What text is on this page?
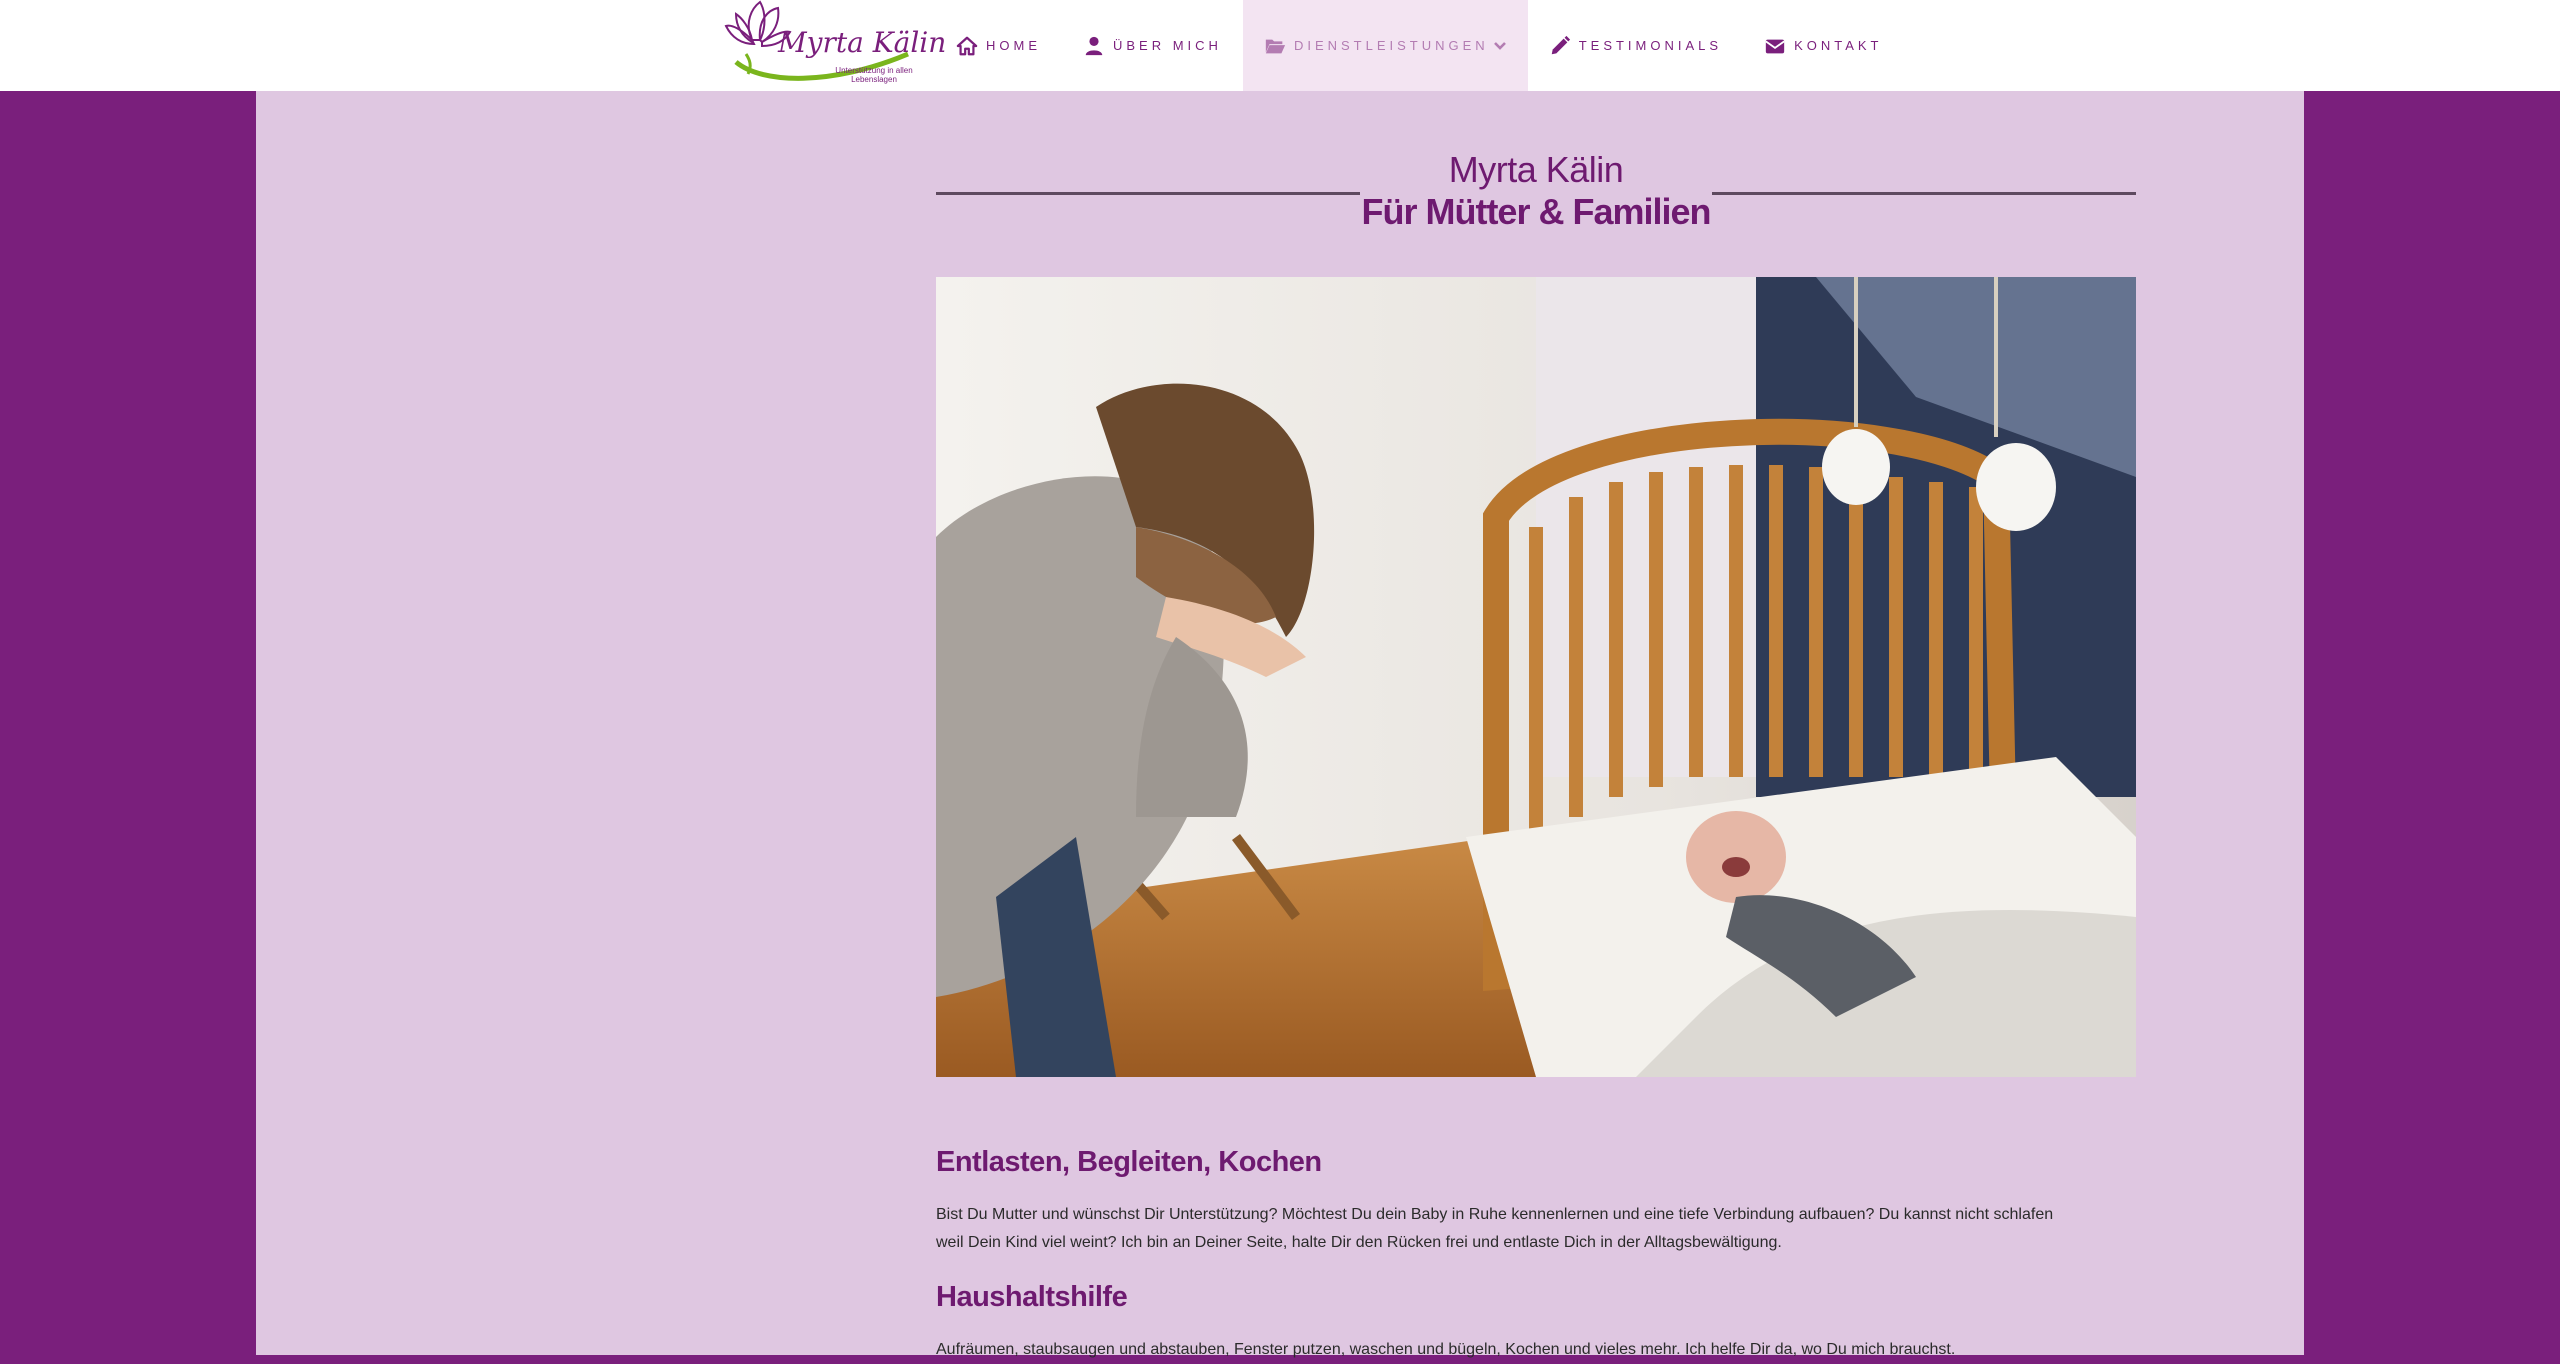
Myrta Kälin
Unterstützung in allen Lebenslagen
HOME	ÜBER MICH	DIENSTLEISTUNGEN	TESTIMONIALS	KONTAKT
Myrta Kälin
Für Mütter & Familien
Entlasten, Begleiten, Kochen
Bist Du Mutter und wünschst Dir Unterstützung? Möchtest Du dein Baby in Ruhe kennenlernen und eine tiefe Verbindung aufbauen? Du kannst nicht schlafen
weil Dein Kind viel weint? Ich bin an Deiner Seite, halte Dir den Rücken frei und entlaste Dich in der Alltagsbewältigung.
Haushaltshilfe
Aufräumen, staubsaugen und abstauben, Fenster putzen, waschen und bügeln, Kochen und vieles mehr. Ich helfe Dir da, wo Du mich brauchst.
